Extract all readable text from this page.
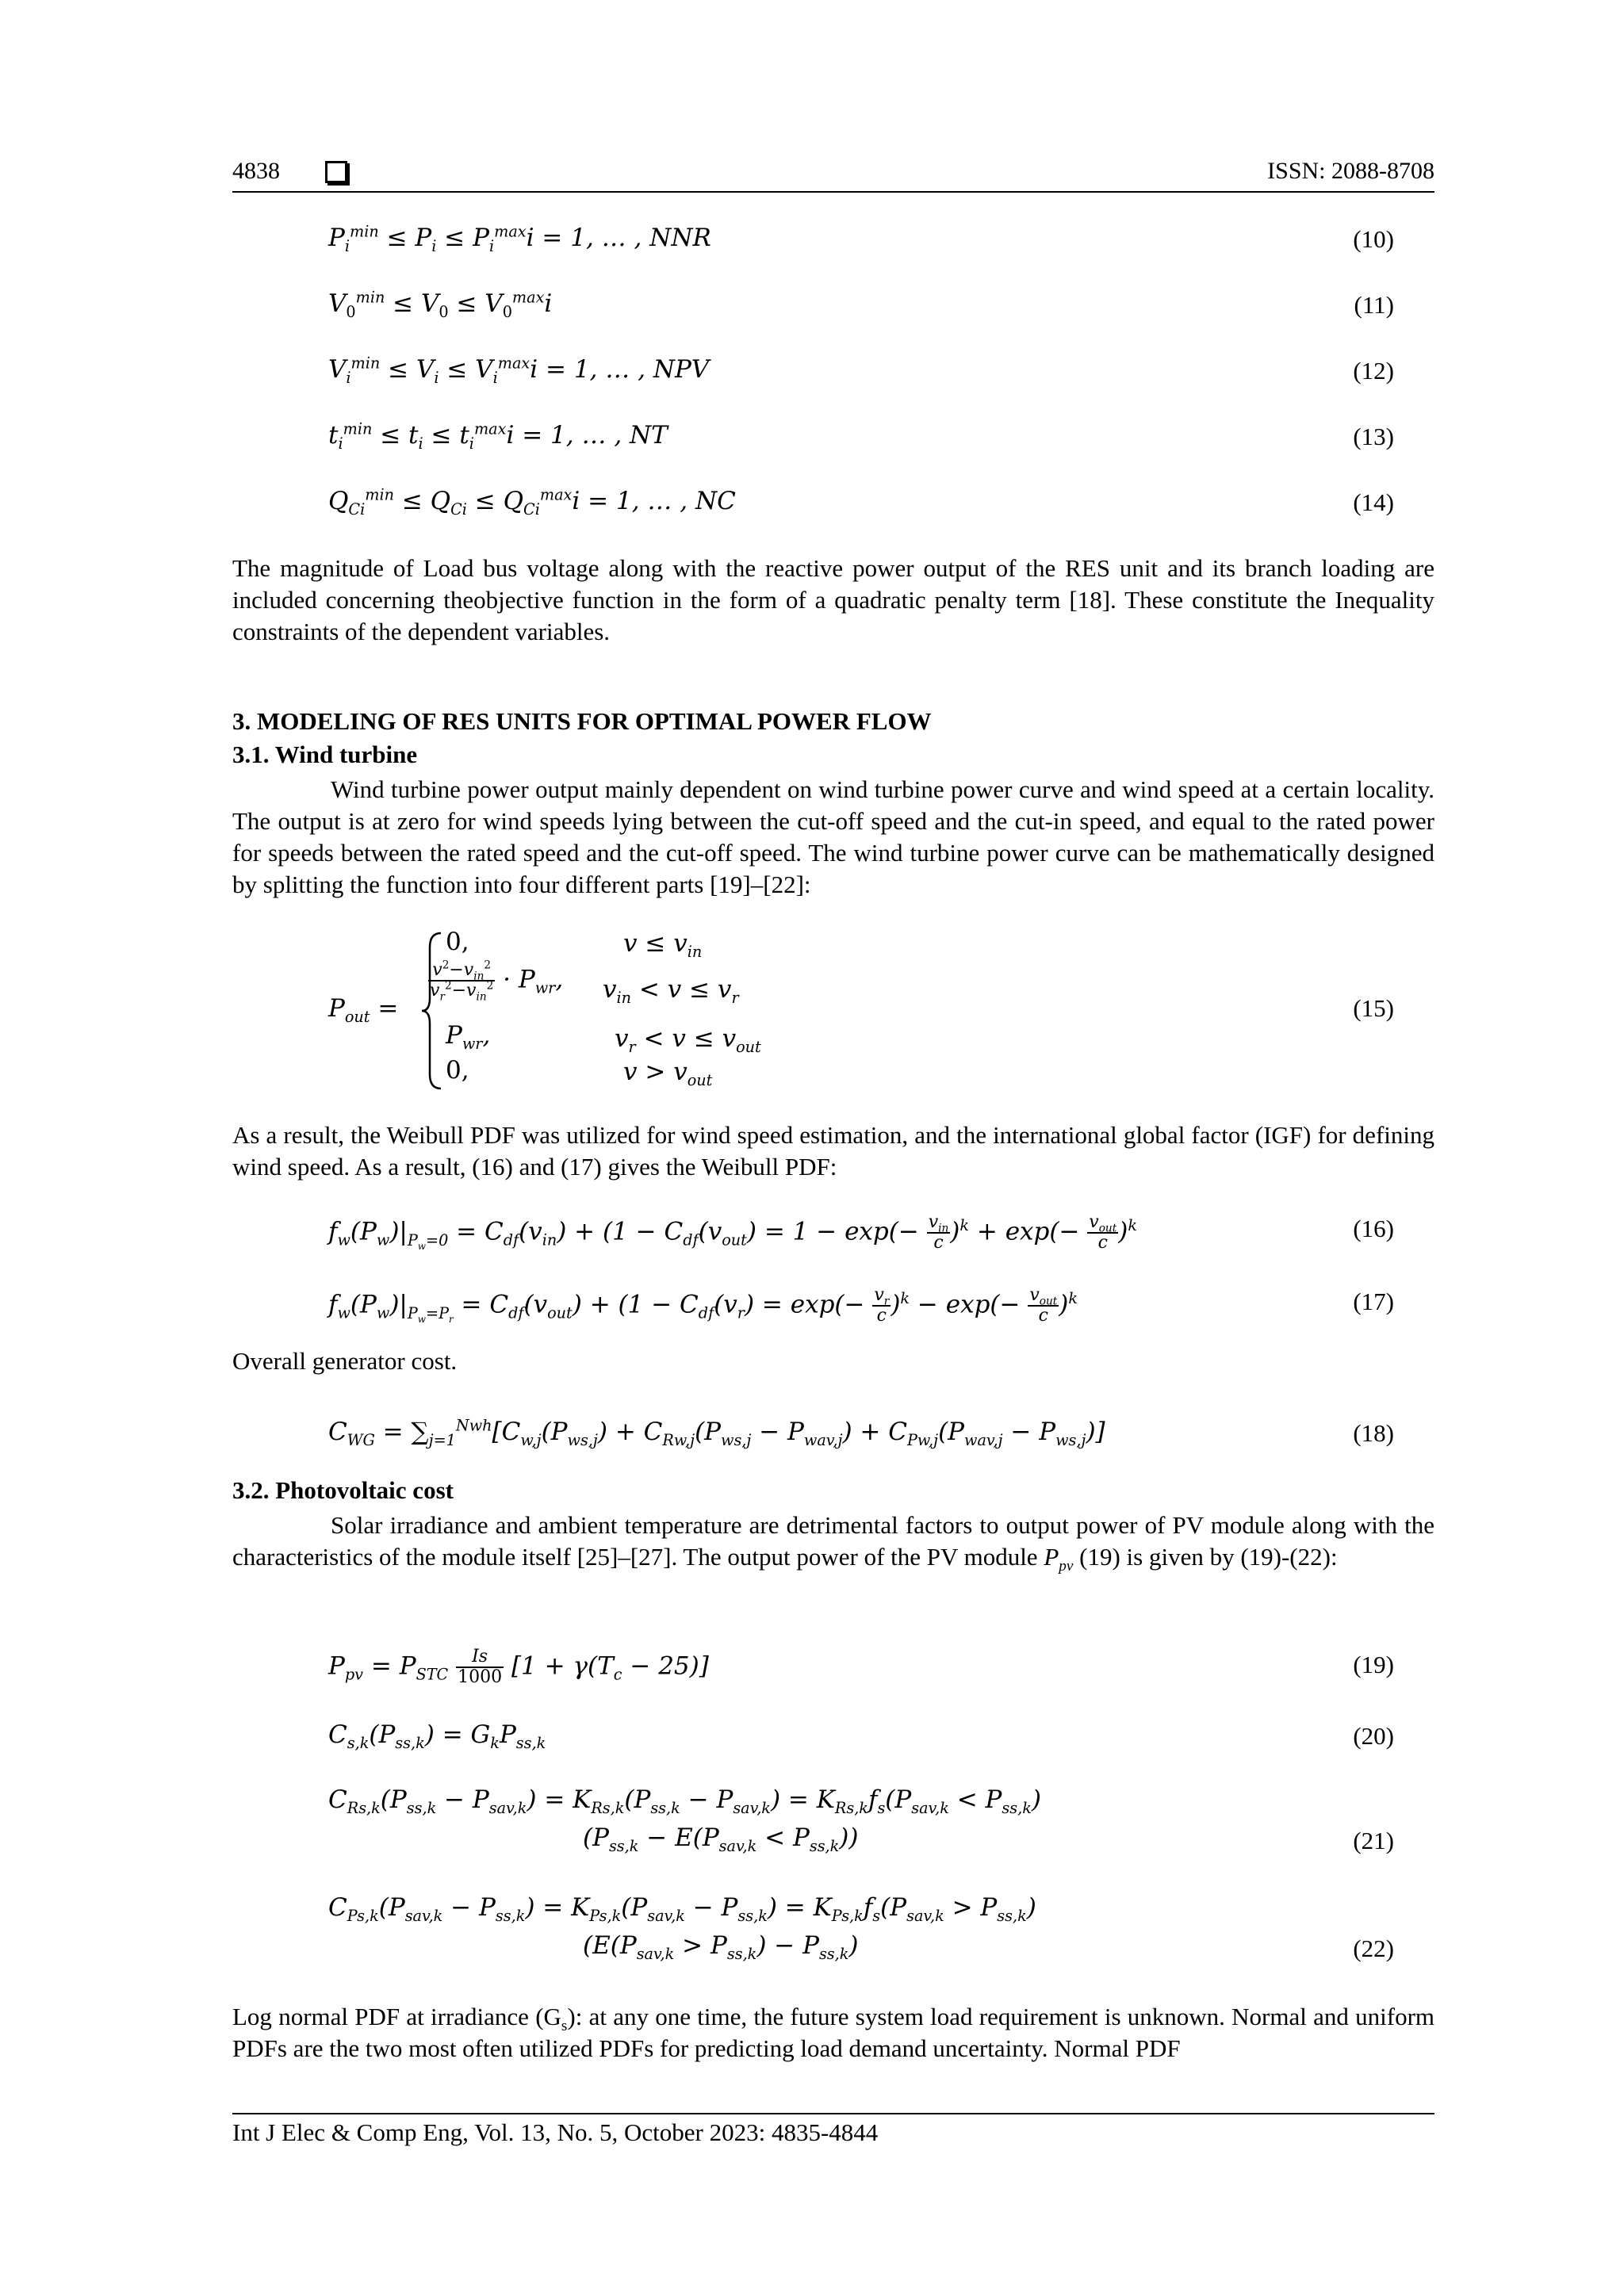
4838	ISSN: 2088-8708
$P_i^{min} \le P_i \le P_i^{max}i = 1$, … , NNR	(10)
$V_0^{min} \le V_0 \le V_0^{max}i$	(11)
$V_i^{min} \le V_i \le V_i^{max}i = 1$, … , NPV	(12)
$t_i^{min} \le t_i \le t_i^{max}i = 1$, … , NT	(13)
$Q_{Ci}^{min} \le Q_{Ci} \le Q_{Ci}^{max}i = 1$, … , NC	(14)
The magnitude of Load bus voltage along with the reactive power output of the RES unit and its branch loading are included concerning theobjective function in the form of a quadratic penalty term [18]. These constitute the Inequality constraints of the dependent variables.
3. MODELING OF RES UNITS FOR OPTIMAL POWER FLOW
3.1. Wind turbine
Wind turbine power output mainly dependent on wind turbine power curve and wind speed at a certain locality. The output is at zero for wind speeds lying between the cut-off speed and the cut-in speed, and equal to the rated power for speeds between the rated speed and the cut-off speed. The wind turbine power curve can be mathematically designed by splitting the function into four different parts [19]–[22]:
$P_{out}$ =
0,	$v \le v_{in}$
$\frac{v^2-v_{in}^2}{v_r^2-v_{in}^2} \cdot P_{wr}$, $v_{in} < v \le v_r$
$P_{wr}$,	$v_r < v \le v_{out}$
0,	$v > v_{out}$
(15)
As a result, the Weibull PDF was utilized for wind speed estimation, and the international global factor (IGF) for defining wind speed. As a result, (16) and (17) gives the Weibull PDF:
$f_w(P_w)|_{P_w=0} = C_{df}(v_{in}) + (1 - C_{df}(v_{out}) = 1 - \exp(- \frac{v_{in}}{c} )^k + \exp(- \frac{v_{out}}{c} )^k$	(16)
$f_w(P_w)|_{P_w=P_r} = C_{df}(v_{out}) + (1 - C_{df}(v_r) = \exp(- \frac{v_r}{c} )^k - \exp(- \frac{v_{out}}{c} )^k$	(17)
Overall generator cost.
$C_{WG} = \sum_{j=1}^{Nwh}[C_{w,j}(P_{ws,j}) + C_{Rw,j}(P_{ws,j} - P_{wav,j}) + C_{Pw,j}(P_{wav,j} - P_{ws,j})]$	(18)
3.2. Photovoltaic cost
Solar irradiance and ambient temperature are detrimental factors to output power of PV module along with the characteristics of the module itself [25]–[27]. The output power of the PV module $P_{pv}$ (19) is given by (19)-(22):
$P_{pv} = P_{STC} \frac{Is}{1000} [1 + \gamma(T_c - 25)]$	(19)
$C_{s,k}(P_{ss,k}) = G_kP_{ss,k}$	(20)
$C_{Rs,k}(P_{ss,k} - P_{sav,k}) = K_{Rs,k}(P_{ss,k} - P_{sav,k}) = K_{Rs,k}f_s(P_{sav,k} < P_{ss,k})$
$(P_{ss,k} - E(P_{sav,k} < P_{ss,k}))$	(21)
$C_{Ps,k}(P_{sav,k} - P_{ss,k}) = K_{Ps,k}(P_{sav,k} - P_{ss,k}) = K_{Ps,k}f_s(P_{sav,k} > P_{ss,k})$
$(E(P_{sav,k} > P_{ss,k}) - P_{ss,k})$	(22)
Log normal PDF at irradiance $(G_s)$: at any one time, the future system load requirement is unknown. Normal and uniform PDFs are the two most often utilized PDFs for predicting load demand uncertainty. Normal PDF
Int J Elec & Comp Eng, Vol. 13, No. 5, October 2023: 4835-4844
